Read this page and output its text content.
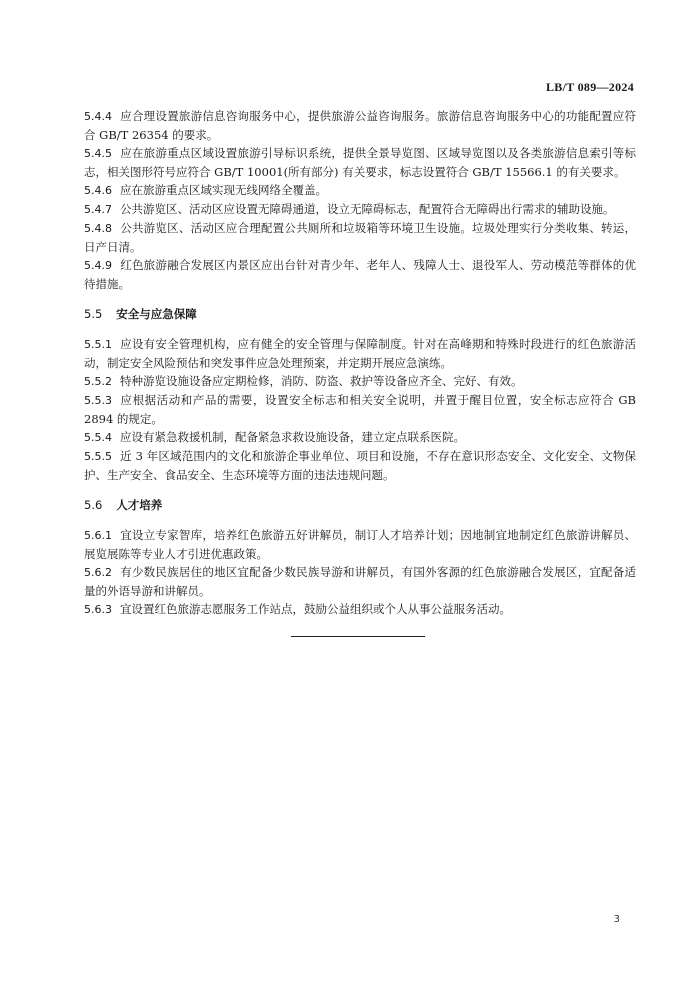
LB/T 089—2024

5.4.4 应合理设置旅游信息咨询服务中心，提供旅游公益咨询服务。旅游信息咨询服务中心的功能配置应符合 GB/T 26354 的要求。

5.4.5 应在旅游重点区域设置旅游引导标识系统，提供全景导览图、区域导览图以及各类旅游信息索引等标志，相关图形符号应符合 GB/T 10001(所有部分) 有关要求，标志设置符合 GB/T 15566.1 的有关要求。

5.4.6 应在旅游重点区域实现无线网络全覆盖。

5.4.7 公共游览区、活动区应设置无障碍通道，设立无障碍标志，配置符合无障碍出行需求的辅助设施。

5.4.8 公共游览区、活动区应合理配置公共厕所和垃圾箱等环境卫生设施。垃圾处理实行分类收集、转运，日产日清。

5.4.9 红色旅游融合发展区内景区应出台针对青少年、老年人、残障人士、退役军人、劳动模范等群体的优待措施。

5.5 安全与应急保障

5.5.1 应设有安全管理机构，应有健全的安全管理与保障制度。针对在高峰期和特殊时段进行的红色旅游活动，制定安全风险预估和突发事件应急处理预案，并定期开展应急演练。

5.5.2 特种游览设施设备应定期检修，消防、防盗、救护等设备应齐全、完好、有效。

5.5.3 应根据活动和产品的需要，设置安全标志和相关安全说明，并置于醒目位置，安全标志应符合 GB 2894 的规定。

5.5.4 应设有紧急救援机制，配备紧急求救设施设备，建立定点联系医院。

5.5.5 近 3 年区域范围内的文化和旅游企事业单位、项目和设施，不存在意识形态安全、文化安全、文物保护、生产安全、食品安全、生态环境等方面的违法违规问题。

5.6 人才培养

5.6.1 宜设立专家智库，培养红色旅游五好讲解员，制订人才培养计划；因地制宜地制定红色旅游讲解员、展览展陈等专业人才引进优惠政策。

5.6.2 有少数民族居住的地区宜配备少数民族导游和讲解员，有国外客源的红色旅游融合发展区，宜配备适量的外语导游和讲解员。

5.6.3 宜设置红色旅游志愿服务工作站点，鼓励公益组织或个人从事公益服务活动。

3
